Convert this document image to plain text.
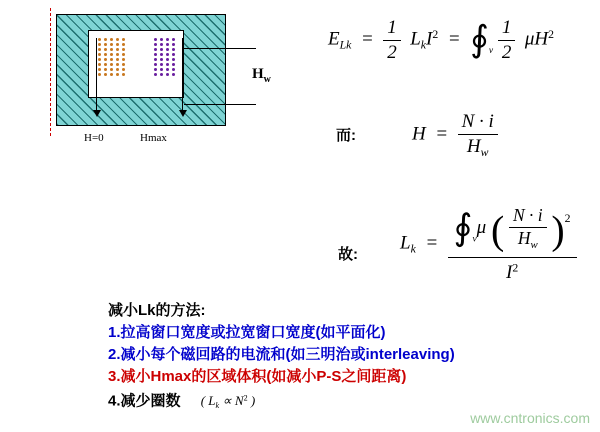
$H_w$
H=0	Hmax
$E_{Lk} = \frac{1}{2} L_kI^2$  =  $∮_v \frac{1}{2} \mu H^2$
而:	$H = \frac{N \cdot i}{H_w}$
故:
$L_k$  = $∮_v\mu$ ( $\frac{N \cdot i}{H_w} )^2$
$I^2$
减小Lk的方法:
1.拉高窗口宽度或拉宽窗口宽度(如平面化)
2.减小每个磁回路的电流和(如三明治或interleaving)
3.减小Hmax的区域体积(如减小P-S之间距离)
4.减少圈数 ( $L_k \propto N^2$ )
www.cntronics.com
